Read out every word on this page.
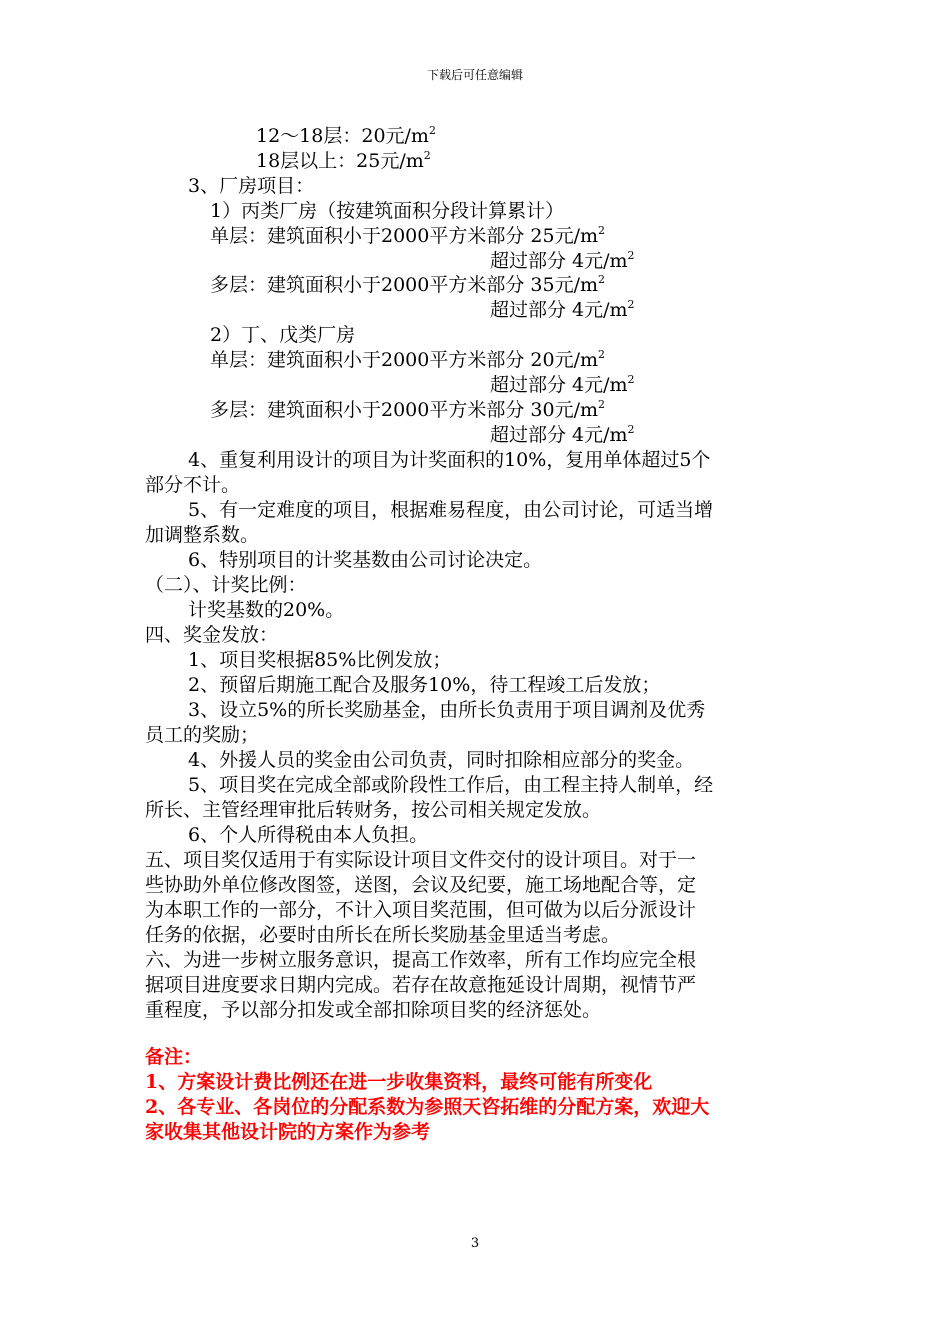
下载后可任意编辑
12～18层：20元$/m^2$
18层以上：25元$/m^2$
3、厂房项目：
1）丙类厂房（按建筑面积分段计算累计）
单层：建筑面积小于2000平方米部分 25元$/m^2$
超过部分 4元$/m^2$
多层：建筑面积小于2000平方米部分 35元$/m^2$
超过部分 4元$/m^2$
2）丁、戊类厂房
单层：建筑面积小于2000平方米部分 20元$/m^2$
超过部分 4元$/m^2$
多层：建筑面积小于2000平方米部分 30元$/m^2$
超过部分 4元$/m^2$
4、重复利用设计的项目为计奖面积的10%，复用单体超过5个
部分不计。
5、有一定难度的项目，根据难易程度，由公司讨论，可适当增
加调整系数。
6、特别项目的计奖基数由公司讨论决定。
（二）、计奖比例：
计奖基数的20%。
四、奖金发放：
1、项目奖根据85%比例发放；
2、预留后期施工配合及服务10%，待工程竣工后发放；
3、设立5%的所长奖励基金，由所长负责用于项目调剂及优秀
员工的奖励；
4、外援人员的奖金由公司负责，同时扣除相应部分的奖金。
5、项目奖在完成全部或阶段性工作后，由工程主持人制单，经
所长、主管经理审批后转财务，按公司相关规定发放。
6、个人所得税由本人负担。
五、项目奖仅适用于有实际设计项目文件交付的设计项目。对于一
些协助外单位修改图签，送图，会议及纪要，施工场地配合等，定
为本职工作的一部分，不计入项目奖范围，但可做为以后分派设计
任务的依据，必要时由所长在所长奖励基金里适当考虑。
六、为进一步树立服务意识，提高工作效率，所有工作均应完全根
据项目进度要求日期内完成。若存在故意拖延设计周期，视情节严
重程度，予以部分扣发或全部扣除项目奖的经济惩处。
备注：
1、方案设计费比例还在进一步收集资料，最终可能有所变化
2、各专业、各岗位的分配系数为参照天咨拓维的分配方案，欢迎大
家收集其他设计院的方案作为参考
3
